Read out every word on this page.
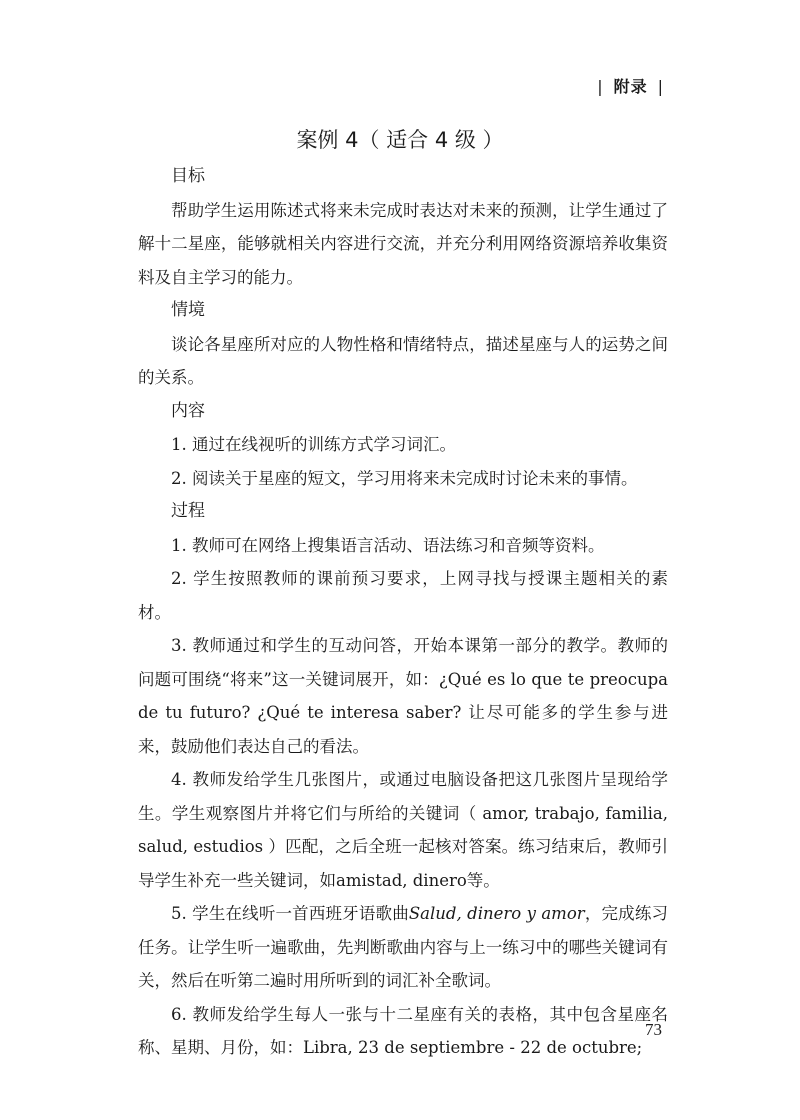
| 附录 |
案例 4（ 适合 4 级 ）
目标

帮助学生运用陈述式将来未完成时表达对未来的预测，让学生通过了解十二星座，能够就相关内容进行交流，并充分利用网络资源培养收集资料及自主学习的能力。

情境

谈论各星座所对应的人物性格和情绪特点，描述星座与人的运势之间的关系。

内容

1. 通过在线视听的训练方式学习词汇。

2. 阅读关于星座的短文，学习用将来未完成时讨论未来的事情。

过程

1. 教师可在网络上搜集语言活动、语法练习和音频等资料。

2. 学生按照教师的课前预习要求，上网寻找与授课主题相关的素材。

3. 教师通过和学生的互动问答，开始本课第一部分的教学。教师的问题可围绕“将来”这一关键词展开，如：¿Qué es lo que te preocupa de tu futuro? ¿Qué te interesa saber? 让尽可能多的学生参与进来，鼓励他们表达自己的看法。

4. 教师发给学生几张图片，或通过电脑设备把这几张图片呈现给学生。学生观察图片并将它们与所给的关键词（ amor, trabajo, familia, salud, estudios ）匹配，之后全班一起核对答案。练习结束后，教师引导学生补充一些关键词，如amistad, dinero等。

5. 学生在线听一首西班牙语歌曲Salud, dinero y amor，完成练习任务。让学生听一遍歌曲，先判断歌曲内容与上一练习中的哪些关键词有关，然后在听第二遍时用所听到的词汇补全歌词。

6. 教师发给学生每人一张与十二星座有关的表格，其中包含星座名称、星期、月份，如：Libra, 23 de septiembre - 22 de octubre;

73
